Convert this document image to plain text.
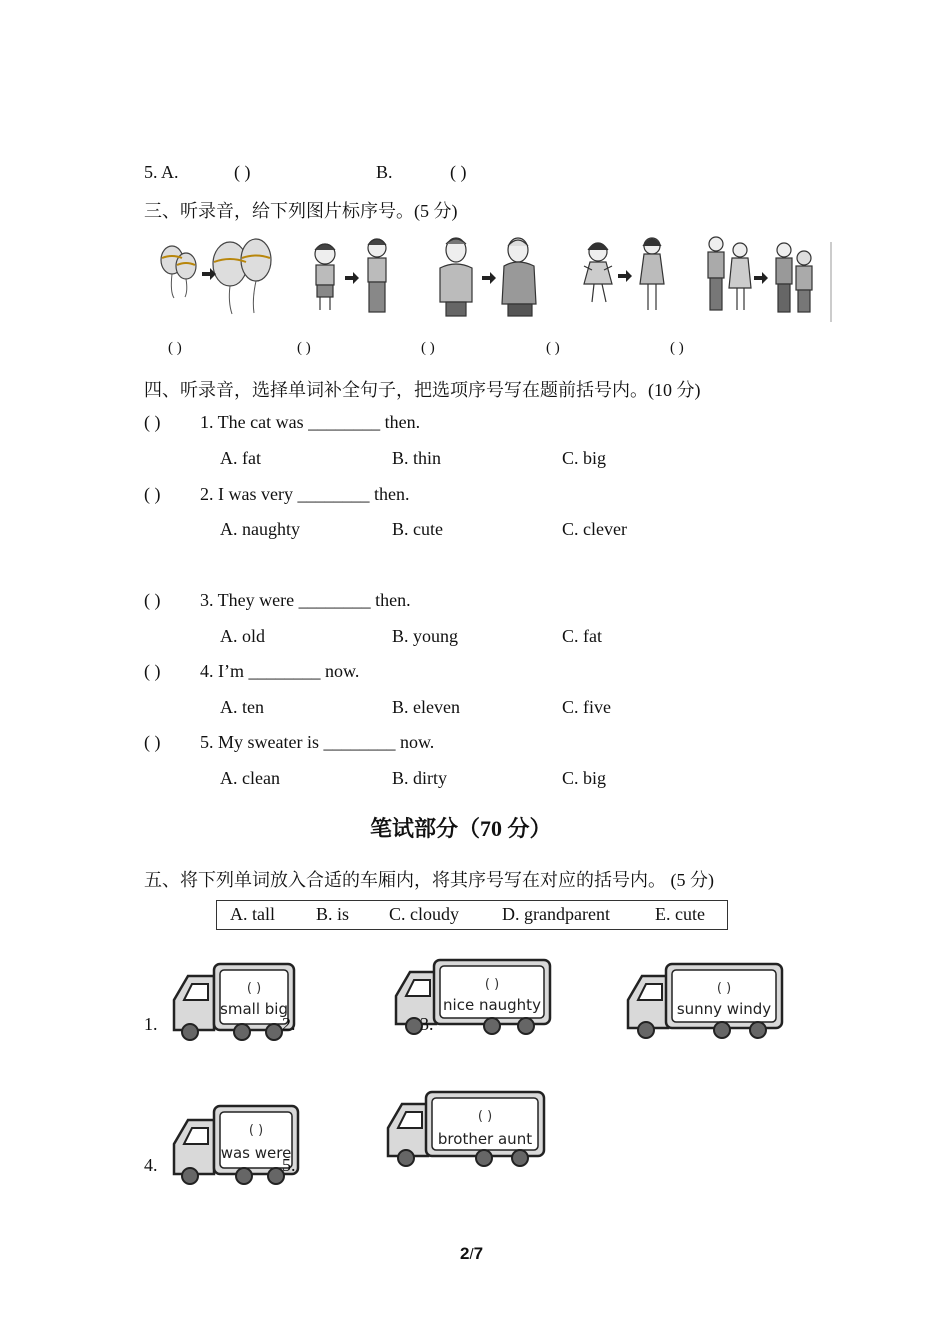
5. A.	( )	B.	( )
三、听录音，给下列图片标序号。(5 分)
( )	( )	( )	( )	( )
四、听录音，选择单词补全句子，把选项序号写在题前括号内。(10 分)
( ) 1. The cat was ________ then.
A. fat	B. thin	C. big
( ) 2. I was very ________ then.
A. naughty	B. cute	C. clever
( ) 3. They were ________ then.
A. old	B. young	C. fat
( ) 4. I’m ________ now.
A. ten	B. eleven	C. five
( ) 5. My sweater is ________ now.
A. clean	B. dirty	C. big
笔试部分（70 分）
五、将下列单词放入合适的车厢内，将其序号写在对应的括号内。 (5 分)
A. tall B. is C. cloudy D. grandparent	E. cute
1.
( )
small big
2.
( )
nice naughty
3.
( )
sunny windy
4.
( )
was were
5.
( )
brother aunt
2/7
